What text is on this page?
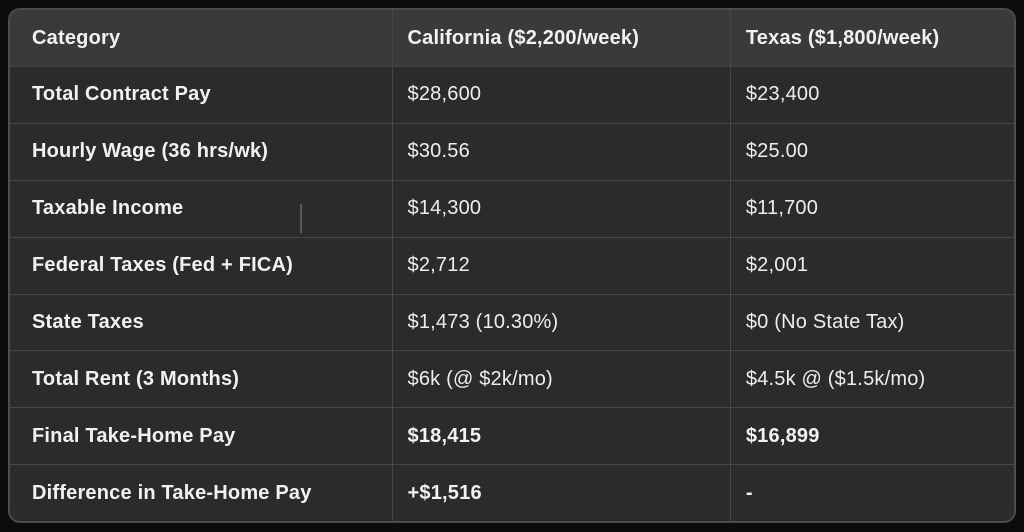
Category	California ($2,200/week)	Texas ($1,800/week)
Total Contract Pay	$28,600	$23,400
Hourly Wage (36 hrs/wk)	$30.56	$25.00
Taxable Income	$14,300	$11,700
Federal Taxes (Fed + FICA)	$2,712	$2,001
State Taxes	$1,473 (10.30%)	$0 (No State Tax)
Total Rent (3 Months)	$6k (@ $2k/mo)	$4.5k @ ($1.5k/mo)
Final Take-Home Pay	$18,415	$16,899
Difference in Take-Home Pay	+$1,516	-
